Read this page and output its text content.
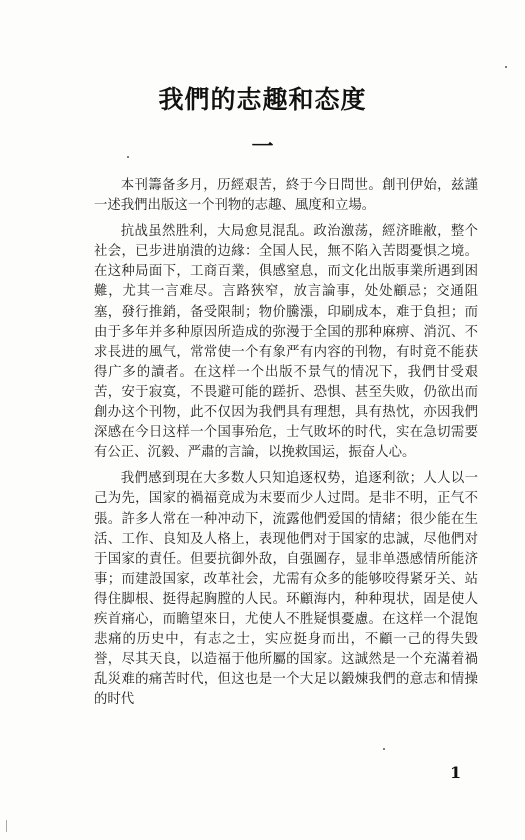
我們的志趣和态度
一

本刊籌备多月，历經艰苦，終于今日問世。創刊伊始，兹謹一述我們出版这一个刊物的志趣、風度和立場。

抗战虽然胜利，大局愈見混乱。政治激荡，經济睢敝，整个社会，已步进崩潰的边緣：全国人民，無不陷入苦悶憂惧之境。在这种局面下，工商百業，俱感窒息，而文化出版事業所遇到困難，尤其一言难尽。言路狹窄，放言論事，处处顧忌；交通阻塞，發行推銷，备受限制；物价騰漲，印刷成本，难于負担；而由于多年并多种原因所造成的弥漫于全国的那种麻痹、消沉、不求長进的風气，常常使一个有象严有内容的刊物，有时竟不能获得广多的讀者。在这样一个出版不景气的情况下，我們甘受艰苦，安于寂寞，不畏避可能的蹉折、恐惧、甚至失败，仍欲出而創办这个刊物，此不仅因为我們具有理想，具有热忱，亦因我們深感在今日这样一个国事殆危，士气敗坏的时代，实在急切需要有公正、沉毅、严肅的言論，以挽救国运，振奋人心。

我們感到現在大多数人只知追逐权势，追逐利欲；人人以一己为先，国家的禍福竟成为末要而少人过問。是非不明，正气不張。許多人常在一种冲动下，流露他們爱国的情緒；很少能在生活、工作、良知及人格上，表现他們对于国家的忠誠，尽他們对于国家的責任。但要抗御外敌，自强圖存，显非单憑感情所能济事；而建設国家，改革社会，尤需有众多的能够咬得紧牙关、站得住脚根、挺得起胸膛的人民。环顧海内，种种現状，固是使人疾首痛心，而瞻望來日，尤使人不胜疑惧憂慮。在这样一个混饱悲痛的历史中，有志之士，实应挺身而出，不顧一己的得失毀誉，尽其天良，以造福于他所屬的国家。这誠然是一个充滿着禍乱災难的痛苦时代，但这也是一个大足以鍛煉我們的意志和情操的时代

1
